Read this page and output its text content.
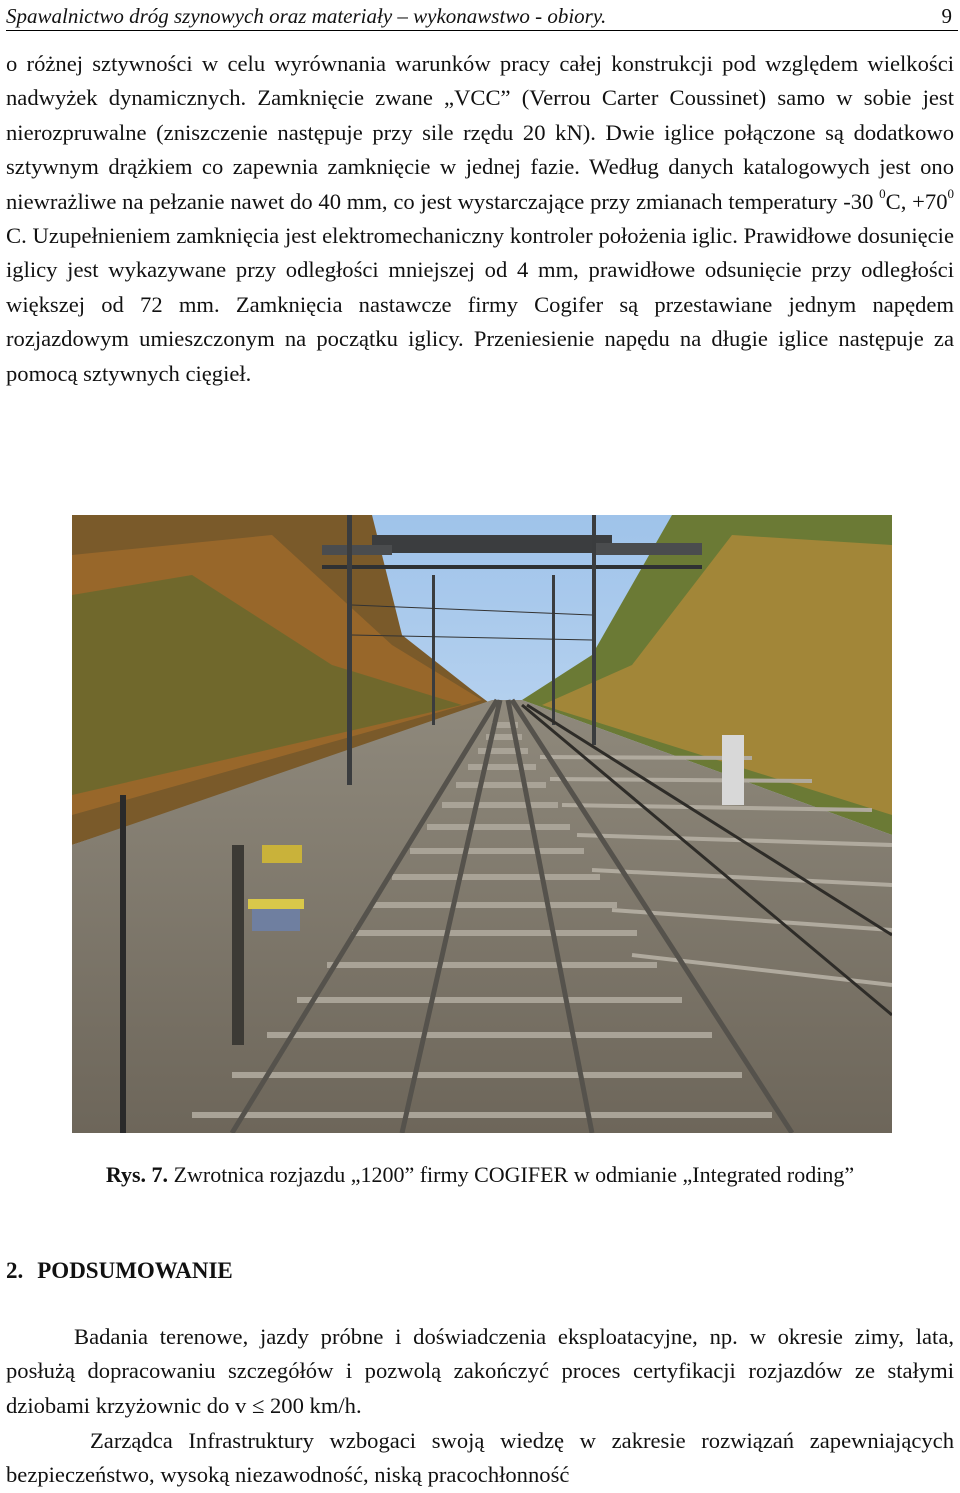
Spawalnictwo dróg szynowych oraz materiały – wykonawstwo - obiory.	9

o różnej sztywności w celu wyrównania warunków pracy całej konstrukcji pod względem wielkości nadwyżek dynamicznych. Zamknięcie zwane „VCC” (Verrou Carter Coussinet) samo w sobie jest nierozpruwalne (zniszczenie następuje przy sile rzędu 20 kN). Dwie iglice połączone są dodatkowo sztywnym drążkiem co zapewnia zamknięcie w jednej fazie. Według danych katalogowych jest ono niewrażliwe na pełzanie nawet do 40 mm, co jest wystarczające przy zmianach temperatury -30 $^0$C, $+70^0$ C. Uzupełnieniem zamknięcia jest elektromechaniczny kontroler położenia iglic. Prawidłowe dosunięcie iglicy jest wykazywane przy odległości mniejszej od 4 mm, prawidłowe odsunięcie przy odległości większej od 72 mm. Zamknięcia nastawcze firmy Cogifer są przestawiane jednym napędem rozjazdowym umieszczonym na początku iglicy. Przeniesienie napędu na długie iglice następuje za pomocą sztywnych cięgieł.

Rys. 7. Zwrotnica rozjazdu „1200” firmy COGIFER w odmianie „Integrated roding”
2. PODSUMOWANIE

Badania terenowe, jazdy próbne i doświadczenia eksploatacyjne, np. w okresie zimy, lata, posłużą dopracowaniu szczegółów i pozwolą zakończyć proces certyfikacji rozjazdów ze stałymi dziobami krzyżownic do v ≤ 200 km/h.

Zarządca Infrastruktury wzbogaci swoją wiedzę w zakresie rozwiązań zapewniających bezpieczeństwo, wysoką niezawodność, niską pracochłonność
